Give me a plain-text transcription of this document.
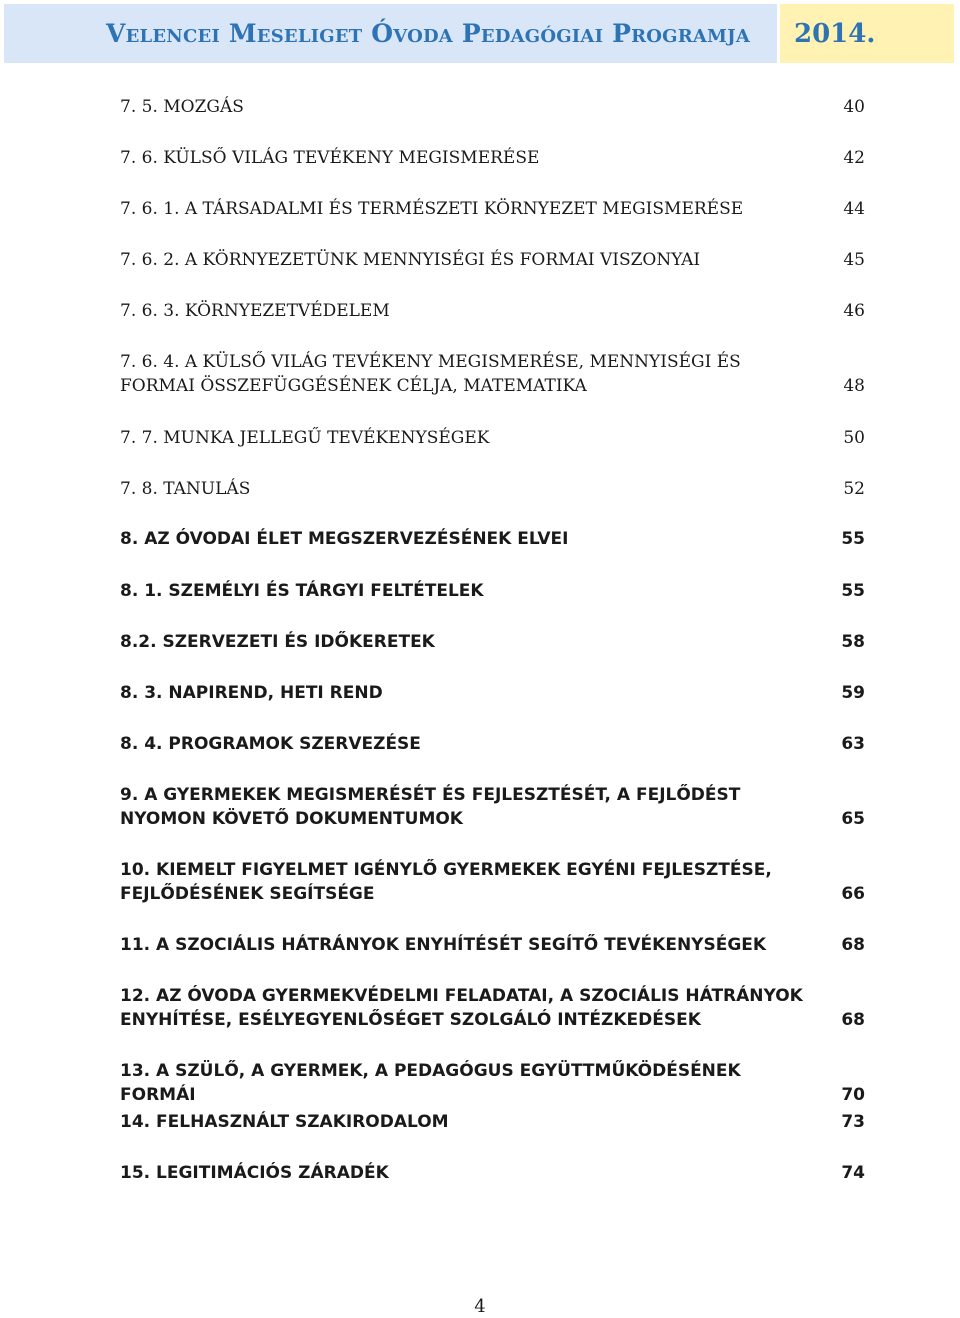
Velencei Meseliget Óvoda Pedagógiai Programja	2014.
7. 5. MOZGÁS	40
7. 6. KÜLSŐ VILÁG TEVÉKENY MEGISMERÉSE	42
7. 6. 1. A TÁRSADALMI ÉS TERMÉSZETI KÖRNYEZET MEGISMERÉSE	44
7. 6. 2. A KÖRNYEZETÜNK MENNYISÉGI ÉS FORMAI VISZONYAI	45
7. 6. 3. KÖRNYEZETVÉDELEM	46
7. 6. 4. A KÜLSŐ VILÁG TEVÉKENY MEGISMERÉSE, MENNYISÉGI ÉS FORMAI ÖSSZEFÜGGÉSÉNEK CÉLJA, MATEMATIKA	48
7. 7. MUNKA JELLEGŰ TEVÉKENYSÉGEK	50
7. 8. TANULÁS	52
8. AZ ÓVODAI ÉLET MEGSZERVEZÉSÉNEK ELVEI	55
8. 1. SZEMÉLYI ÉS TÁRGYI FELTÉTELEK	55
8.2. SZERVEZETI ÉS IDŐKERETEK	58
8. 3. NAPIREND, HETI REND	59
8. 4. PROGRAMOK SZERVEZÉSE	63
9. A GYERMEKEK MEGISMERÉSÉT ÉS FEJLESZTÉSÉT, A FEJLŐDÉST NYOMON KÖVETŐ DOKUMENTUMOK	65
10. KIEMELT FIGYELMET IGÉNYLŐ GYERMEKEK EGYÉNI FEJLESZTÉSE, FEJLŐDÉSÉNEK SEGÍTSÉGE	66
11. A SZOCIÁLIS HÁTRÁNYOK ENYHÍTÉSÉT SEGÍTŐ TEVÉKENYSÉGEK	68
12. AZ ÓVODA GYERMEKVÉDELMI FELADATAI, A SZOCIÁLIS HÁTRÁNYOK ENYHÍTÉSE, ESÉLYEGYENLŐSÉGET SZOLGÁLÓ INTÉZKEDÉSEK	68
13. A SZÜLŐ, A GYERMEK, A PEDAGÓGUS EGYÜTTMŰKÖDÉSÉNEK FORMÁI	70
14. FELHASZNÁLT SZAKIRODALOM	73
15. LEGITIMÁCIÓS ZÁRADÉK	74
4
